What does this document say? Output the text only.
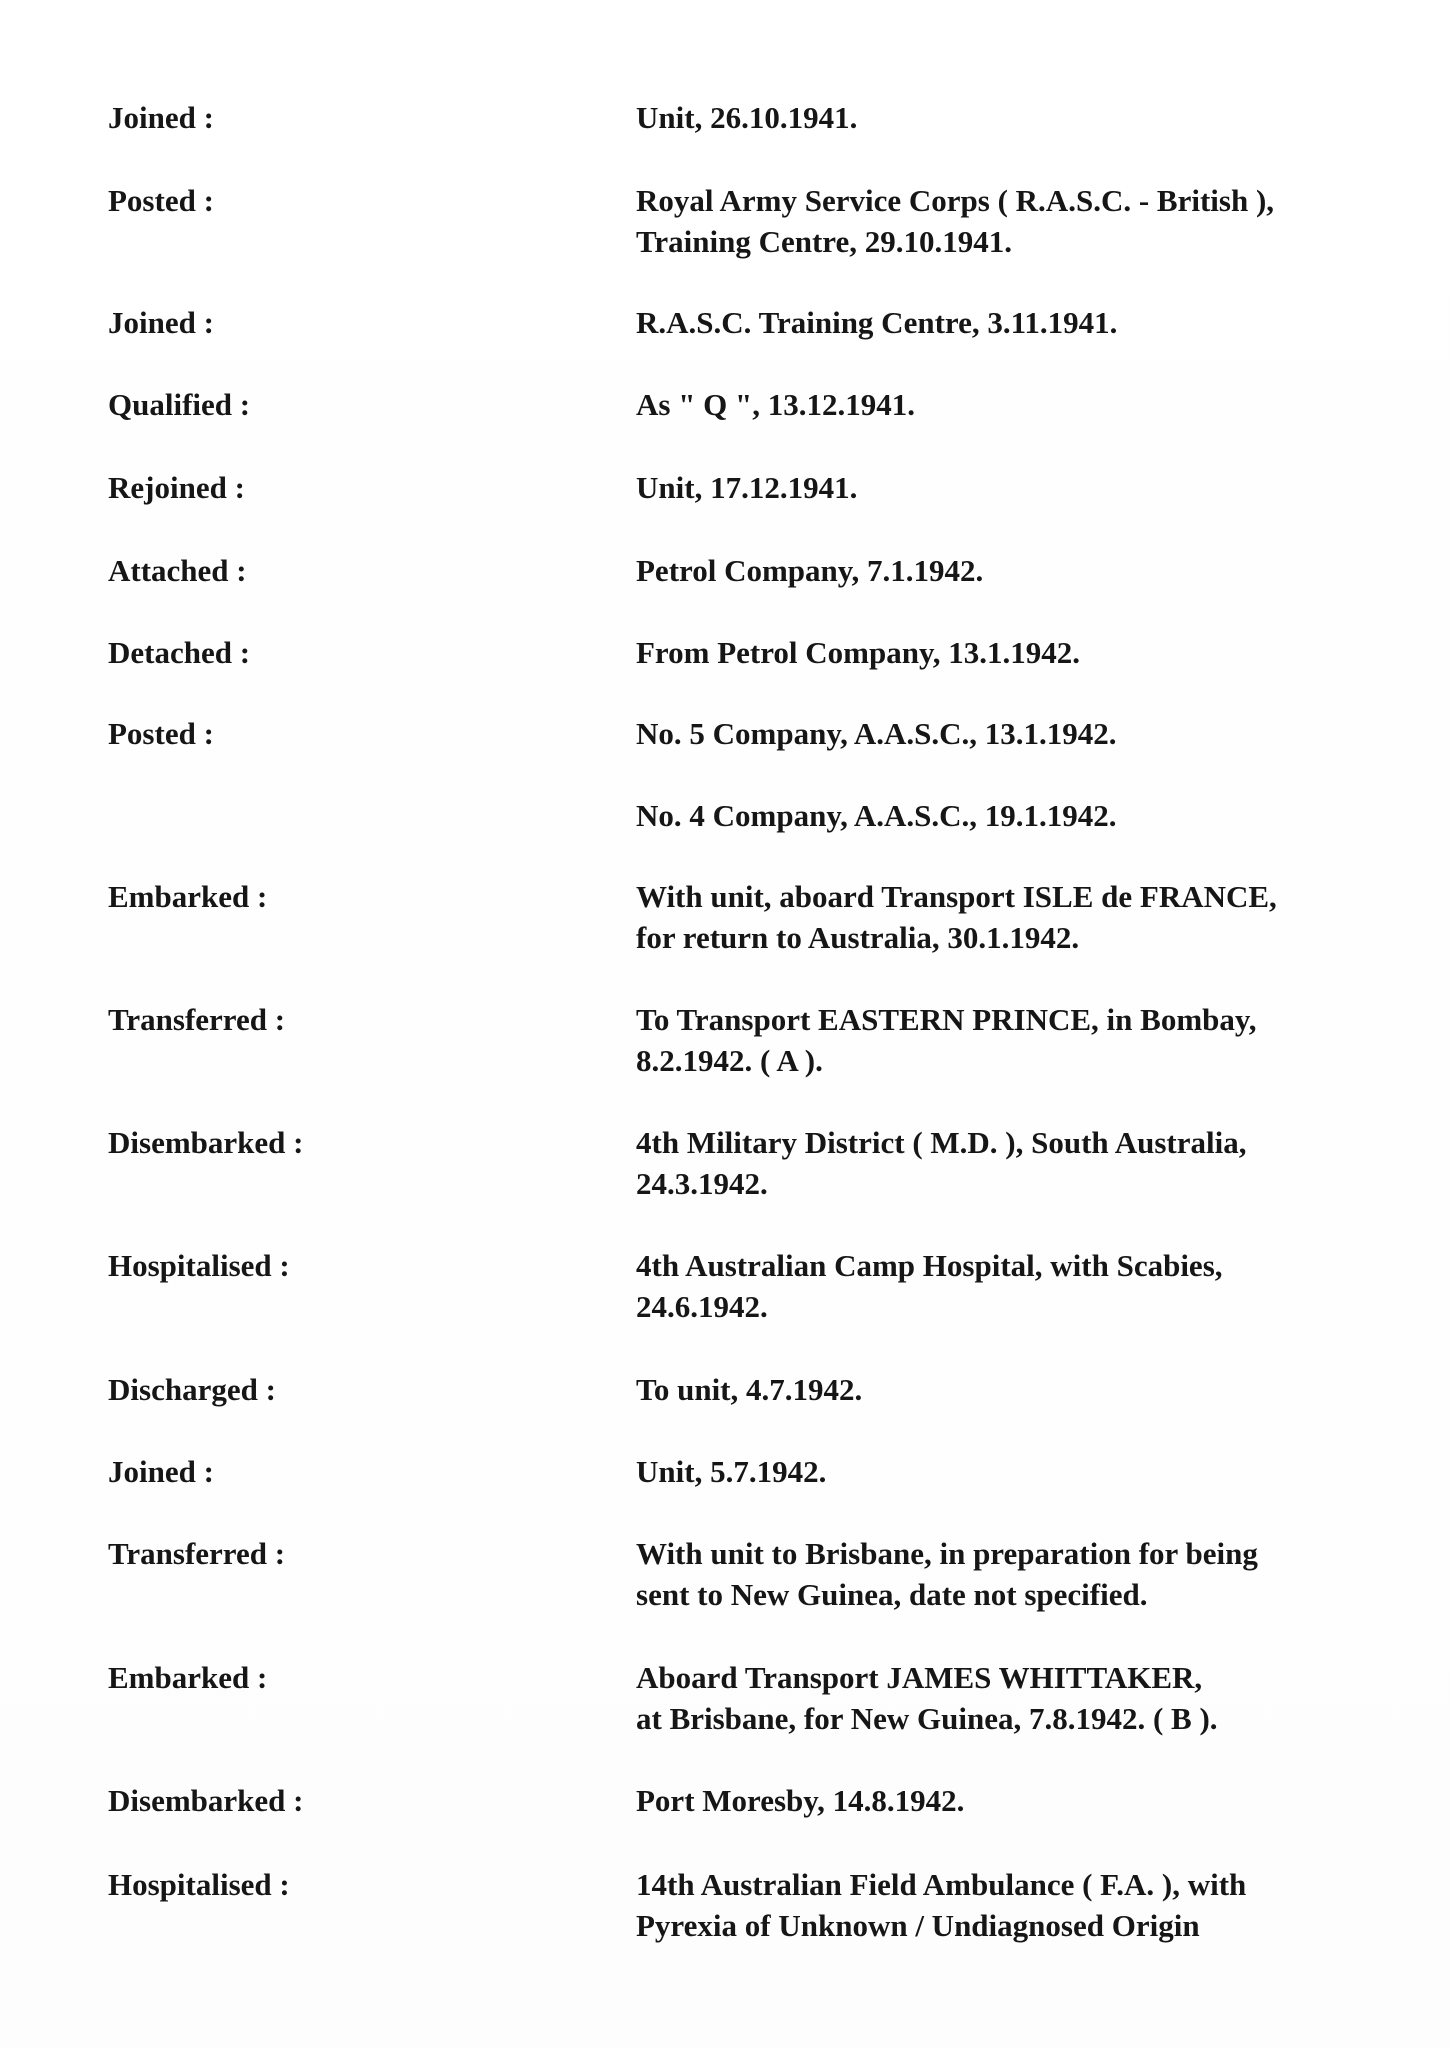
Joined :	Unit, 26.10.1941.
Posted :	Royal Army Service Corps ( R.A.S.C. - British ),
Training Centre, 29.10.1941.
Joined :	R.A.S.C. Training Centre, 3.11.1941.
Qualified :	As " Q ", 13.12.1941.
Rejoined :	Unit, 17.12.1941.
Attached :	Petrol Company, 7.1.1942.
Detached :	From Petrol Company, 13.1.1942.
Posted :	No. 5 Company, A.A.S.C., 13.1.1942.
No. 4 Company, A.A.S.C., 19.1.1942.
Embarked :	With unit, aboard Transport ISLE de FRANCE,
for return to Australia, 30.1.1942.
Transferred :	To Transport EASTERN PRINCE, in Bombay,
8.2.1942. ( A ).
Disembarked :	4th Military District ( M.D. ), South Australia,
24.3.1942.
Hospitalised :	4th Australian Camp Hospital, with Scabies,
24.6.1942.
Discharged :	To unit, 4.7.1942.
Joined :	Unit, 5.7.1942.
Transferred :	With unit to Brisbane, in preparation for being
sent to New Guinea, date not specified.
Embarked :	Aboard Transport JAMES WHITTAKER,
at Brisbane, for New Guinea, 7.8.1942. ( B ).
Disembarked :	Port Moresby, 14.8.1942.
Hospitalised :	14th Australian Field Ambulance ( F.A. ), with
Pyrexia of Unknown / Undiagnosed Origin
